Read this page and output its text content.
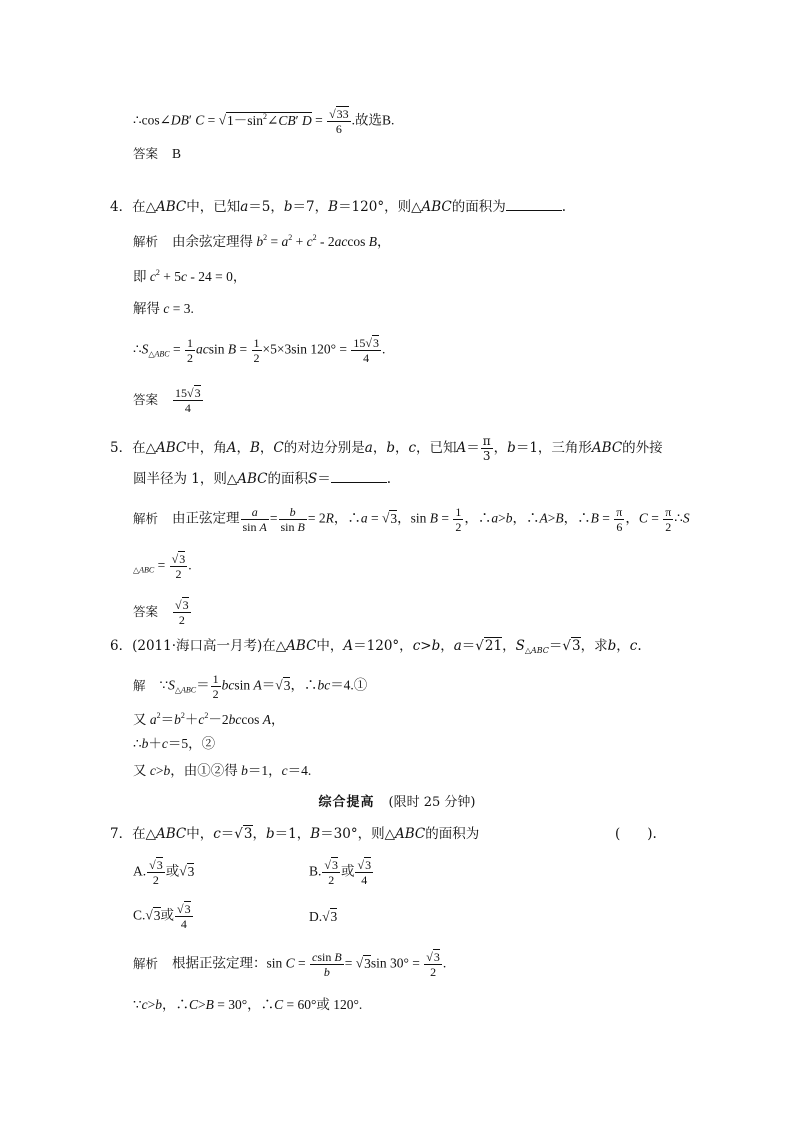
∴cos∠DB′ $C = √1-\sin^2\angle CB'$ $D = \frac{√33}{6}$ .故选B.
答案 B
4．在△ABC中，已知a＝5，b＝7，B＝120°，则△ABC的面积为	.
解析 由余弦定理得 $b^2 = a^2 + c^2 - 2accos$ B，
即 $c^2 + 5c - 24 = 0$，
解得 c = 3.
$\therefore S_{\triangle ABC} = \frac{1}{2}$ acsin $B = \frac{1}{2} \times 5\times 3\sin$ $120^\circ = \frac{15√3}{4}$ .
答案 $\frac{15√3}{4}$
5．在△ABC中，角A，B，C的对边分别是a，b，c，已知$A= \frac{\pi}{3}$ ，b＝1，三角形ABC的外接
圆半径为 1，则△ABC的面积S＝	.
解析 由正弦定理 $\frac{a}{\text{sin A}} = \frac{b}{\text{sin B}} = 2R$，∴a = √3，$\sin B = \frac{1}{2}$ ，∴a>b，∴A>B，∴B = $\frac{\pi}{6}$ ，$C = \frac{\pi}{2}$ ∴S
$_{\triangle ABC} = \frac{√3}{2}$ .
答案 $\frac{√3}{2}$
6．(2011·海口高一月考)在△ABC中，A＝120°，c>b，a＝√21，$S_{\triangle ABC}=√3$，求b，c.
解 $\because S_{\triangle ABC}= \frac{1}{2}$ bcsin A＝√3，∴bc＝4.①
又 $a^2=b^2+c^2-2bccos$ A，
∴b＋c＝5，②
又 c>b，由①②得 b＝1，c＝4.
综合提高 (限时 25 分钟)
7．在△ABC中，c＝√3，b＝1，B＝30°，则△ABC的面积为	(　　).
A. $\frac{√3}{2}$ 或√3	B. $\frac{√3}{2}$ 或 $\frac{√3}{4}$
C.√3或 $\frac{√3}{4}$	D.√3
解析 根据正弦定理：$\sin C = \frac{\text{csin B}}{b} = √3\sin$ $30^\circ = \frac{√3}{2}$ .
∵c>b，∴C>B = 30°，∴C = 60°或 120°.
